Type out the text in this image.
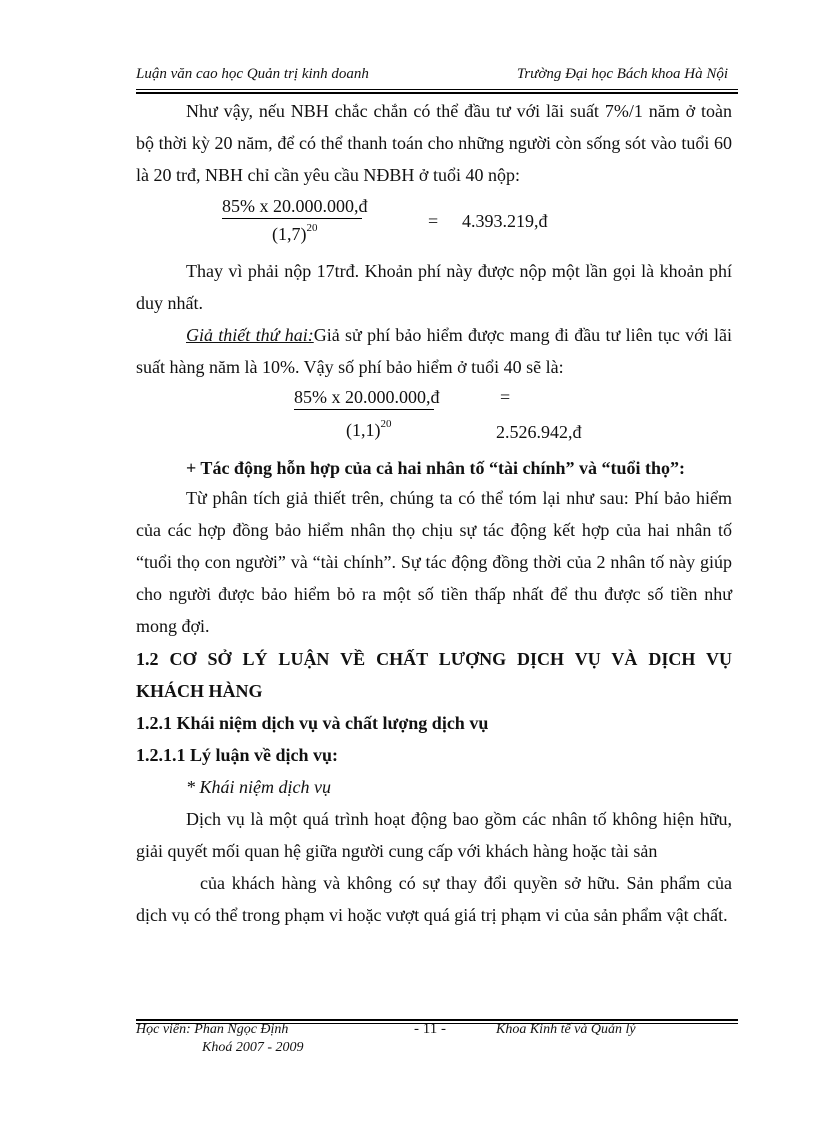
Luận văn cao học Quản trị kinh doanh	Trường Đại học Bách khoa Hà Nội
Như vậy, nếu NBH chắc chắn có thể đầu tư với lãi suất 7%/1 năm ở toàn bộ thời kỳ 20 năm, để có thể thanh toán cho những người còn sống sót vào tuổi 60 là 20 trđ, NBH chỉ cần yêu cầu NĐBH ở tuổi 40 nộp:
$\frac{85\% x 20.000.000,đ}{(1,7)^{20}}$	= 4.393.219,đ
Thay vì phải nộp 17trđ. Khoản phí này được nộp một lần gọi là khoản phí duy nhất.
Giả thiết thứ hai:Giả sử phí bảo hiểm được mang đi đầu tư liên tục với lãi suất hàng năm là 10%. Vậy số phí bảo hiểm ở tuổi 40 sẽ là:
$\frac{85\% x 20.000.000,đ}{(1,1)^{20}}$	=
2.526.942,đ
+ Tác động hỗn hợp của cả hai nhân tố “tài chính” và “tuổi thọ”:
Từ phân tích giả thiết trên, chúng ta có thể tóm lại như sau: Phí bảo hiểm của các hợp đồng bảo hiểm nhân thọ chịu sự tác động kết hợp của hai nhân tố “tuổi thọ con người” và “tài chính”. Sự tác động đồng thời của 2 nhân tố này giúp cho người được bảo hiểm bỏ ra một số tiền thấp nhất để thu được số tiền như mong đợi.
1.2 CƠ SỞ LÝ LUẬN VỀ CHẤT LƯỢNG DỊCH VỤ VÀ DỊCH VỤ
KHÁCH HÀNG
1.2.1 Khái niệm dịch vụ và chất lượng dịch vụ
1.2.1.1 Lý luận về dịch vụ:
* Khái niệm dịch vụ
Dịch vụ là một quá trình hoạt động bao gồm các nhân tố không hiện hữu, giải quyết mối quan hệ giữa người cung cấp với khách hàng hoặc tài sản
của khách hàng và không có sự thay đổi quyền sở hữu. Sản phẩm của dịch vụ có thể trong phạm vi hoặc vượt quá giá trị phạm vi của sản phẩm vật chất.
Học viên: Phan Ngọc Định
Khoá 2007 - 2009
- 11 -	Khoa Kinh tế và Quản lý
